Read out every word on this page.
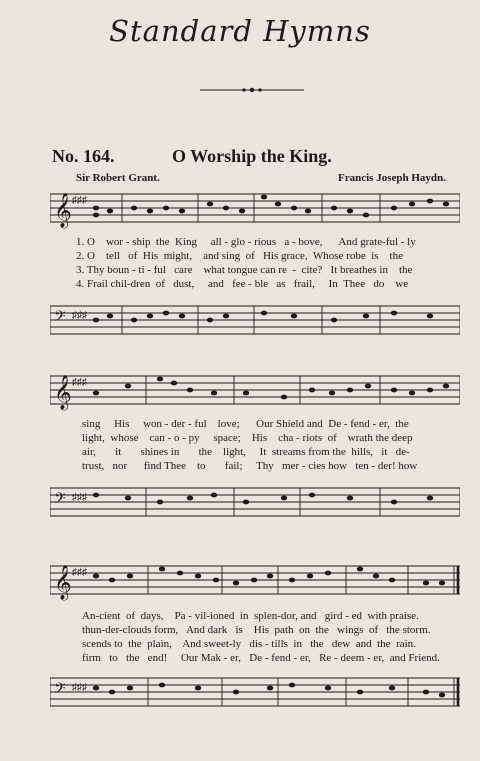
Standard Hymns
No. 164.	O Worship the King.
Sir Robert Grant.	Francis Joseph Haydn.
𝄞 ♯♯♯
1. O    wor - ship  the  King     all - glo - rious   a - bove,      And grate-ful - ly
2. O    tell   of  His  might,    and sing  of   His grace,  Whose robe  is    the
3. Thy boun - ti - ful   care    what tongue can re  -  cite?   It breathes in    the
4. Frail chil-dren  of   dust,     and   fee - ble   as   frail,     In  Thee   do    we
𝄢 ♯♯♯
𝄞 ♯♯♯
sing     His     won - der - ful    love;      Our Shield and  De - fend - er,  the
light,  whose    can - o - py     space;    His    cha - riots  of    wrath the deep
air,       it       shines in       the    light,     It  streams from the  hills,   it   de-
trust,   nor      find Thee    to       fail;     Thy   mer - cies how   ten - der! how
𝄢 ♯♯♯
𝄞 ♯♯♯
An-cient  of  days,    Pa - vil-ioned  in  splen-dor, and   gird - ed  with praise.
thun-der-clouds form,   And dark   is    His  path  on  the   wings  of   the storm.
scends to  the  plain,    And sweet-ly   dis - tills  in   the   dew  and  the  rain.
firm   to   the   end!     Our Mak - er,   De - fend - er,   Re - deem - er,  and Friend.
𝄢 ♯♯♯
